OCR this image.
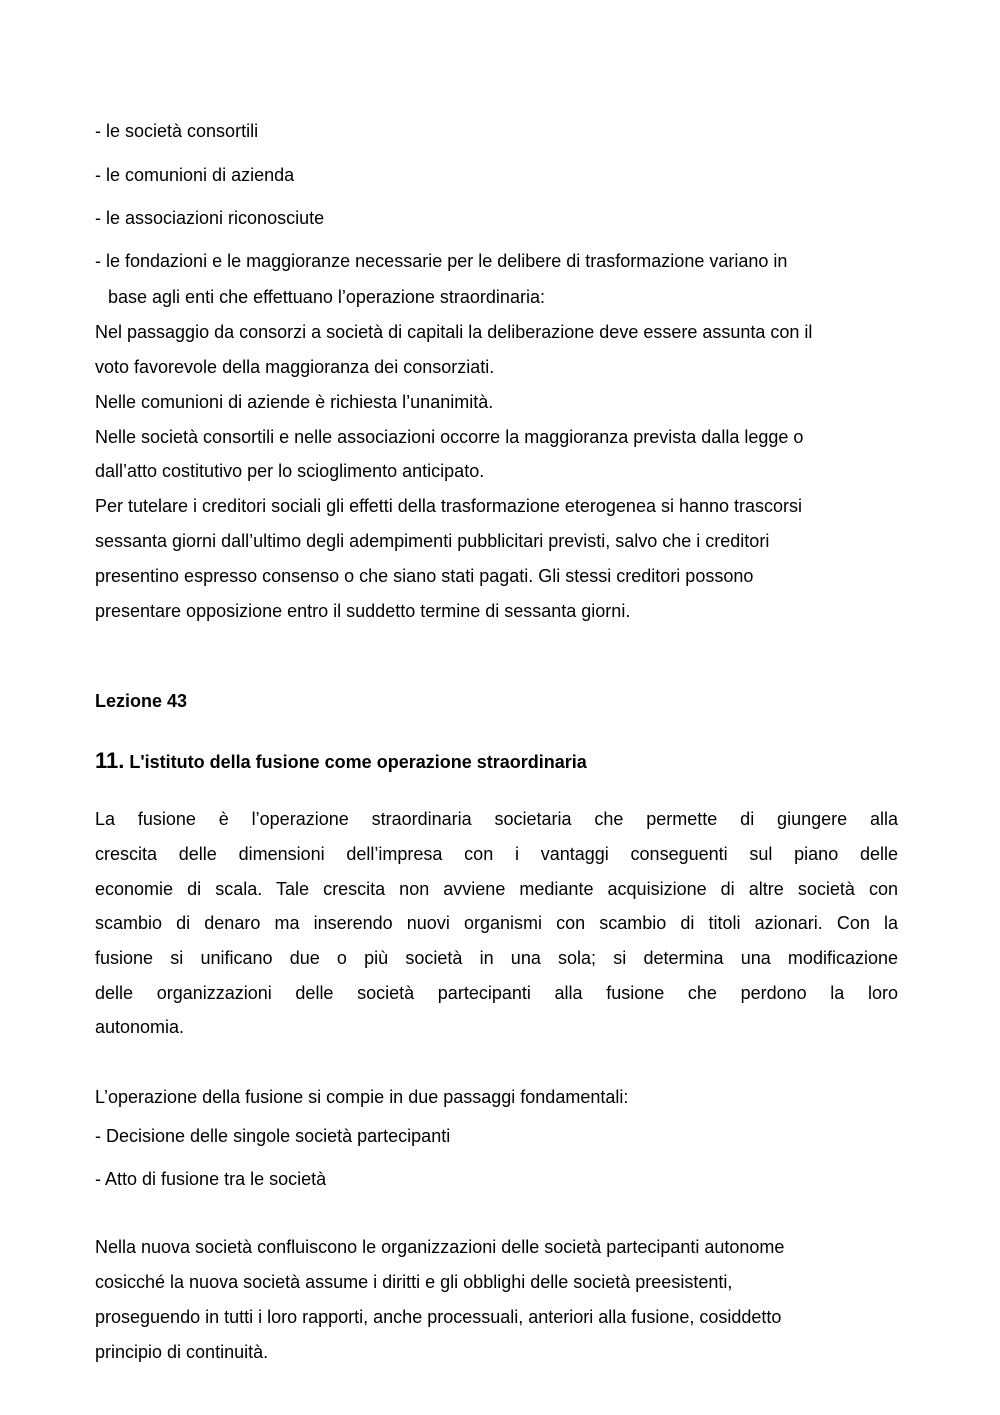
- le società consortili
- le comunioni di azienda
- le associazioni riconosciute
- le fondazioni e le maggioranze necessarie per le delibere di trasformazione variano in
base agli enti che effettuano l’operazione straordinaria:
Nel passaggio da consorzi a società di capitali la deliberazione deve essere assunta con il
voto favorevole della maggioranza dei consorziati.
Nelle comunioni di aziende è richiesta l’unanimità.
Nelle società consortili e nelle associazioni occorre la maggioranza prevista dalla legge o
dall’atto costitutivo per lo scioglimento anticipato.
Per tutelare i creditori sociali gli effetti della trasformazione eterogenea si hanno trascorsi
sessanta giorni dall’ultimo degli adempimenti pubblicitari previsti, salvo che i creditori
presentino espresso consenso o che siano stati pagati. Gli stessi creditori possono
presentare opposizione entro il suddetto termine di sessanta giorni.
Lezione 43
11. L'istituto della fusione come operazione straordinaria
La fusione è l’operazione straordinaria societaria che permette di giungere alla
crescita delle dimensioni dell’impresa con i vantaggi conseguenti sul piano delle
economie di scala. Tale crescita non avviene mediante acquisizione di altre società con
scambio di denaro ma inserendo nuovi organismi con scambio di titoli azionari. Con la
fusione si unificano due o più società in una sola; si determina una modificazione
delle organizzazioni delle società partecipanti alla fusione che perdono la loro
autonomia.
L’operazione della fusione si compie in due passaggi fondamentali:
- Decisione delle singole società partecipanti
- Atto di fusione tra le società
Nella nuova società confluiscono le organizzazioni delle società partecipanti autonome
cosicché la nuova società assume i diritti e gli obblighi delle società preesistenti,
proseguendo in tutti i loro rapporti, anche processuali, anteriori alla fusione, cosiddetto
principio di continuità.
